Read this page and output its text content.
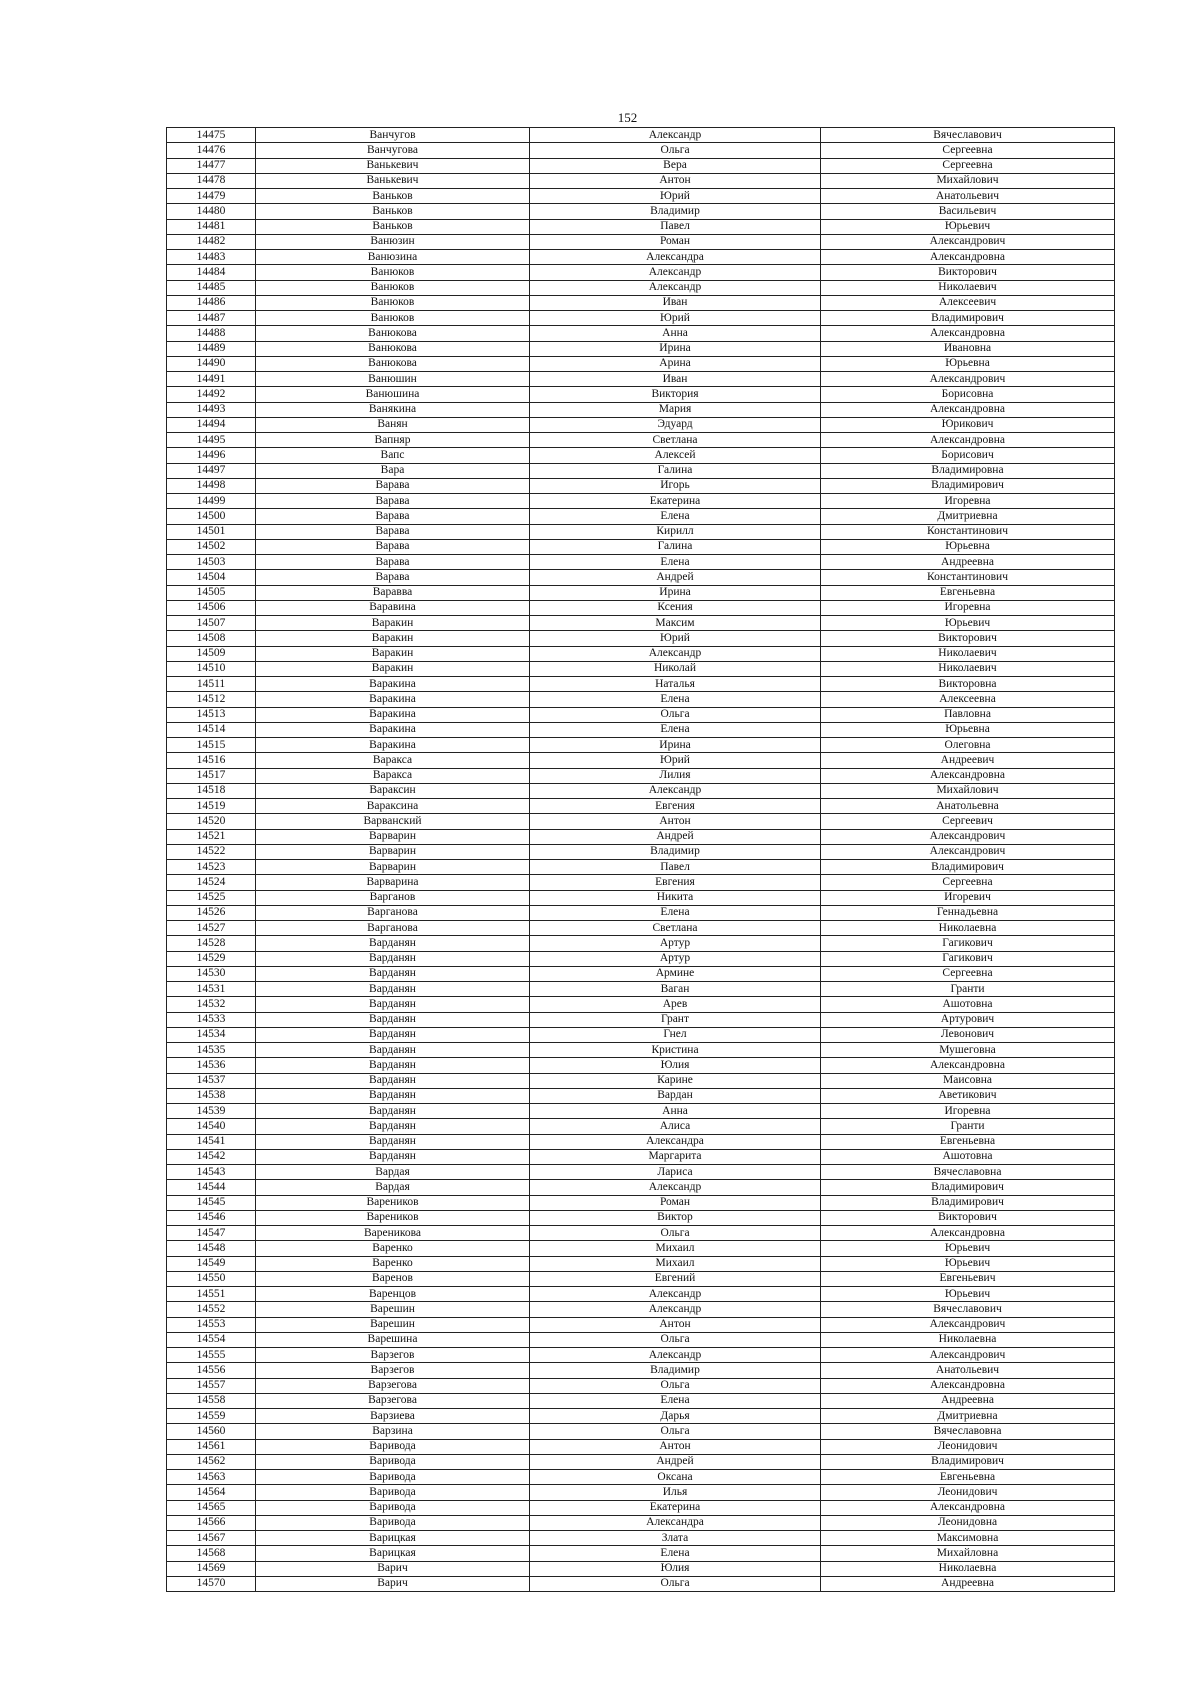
152
14475	Ванчугов	Александр	Вячеславович
14476	Ванчугова	Ольга	Сергеевна
14477	Ванькевич	Вера	Сергеевна
14478	Ванькевич	Антон	Михайлович
14479	Ваньков	Юрий	Анатольевич
14480	Ваньков	Владимир	Васильевич
14481	Ваньков	Павел	Юрьевич
14482	Ванюзин	Роман	Александрович
14483	Ванюзина	Александра	Александровна
14484	Ванюков	Александр	Викторович
14485	Ванюков	Александр	Николаевич
14486	Ванюков	Иван	Алексеевич
14487	Ванюков	Юрий	Владимирович
14488	Ванюкова	Анна	Александровна
14489	Ванюкова	Ирина	Ивановна
14490	Ванюкова	Арина	Юрьевна
14491	Ванюшин	Иван	Александрович
14492	Ванюшина	Виктория	Борисовна
14493	Ванякина	Мария	Александровна
14494	Ванян	Эдуард	Юрикович
14495	Вапняр	Светлана	Александровна
14496	Вапс	Алексей	Борисович
14497	Вара	Галина	Владимировна
14498	Варава	Игорь	Владимирович
14499	Варава	Екатерина	Игоревна
14500	Варава	Елена	Дмитриевна
14501	Варава	Кирилл	Константинович
14502	Варава	Галина	Юрьевна
14503	Варава	Елена	Андреевна
14504	Варава	Андрей	Константинович
14505	Варавва	Ирина	Евгеньевна
14506	Варавина	Ксения	Игоревна
14507	Варакин	Максим	Юрьевич
14508	Варакин	Юрий	Викторович
14509	Варакин	Александр	Николаевич
14510	Варакин	Николай	Николаевич
14511	Варакина	Наталья	Викторовна
14512	Варакина	Елена	Алексеевна
14513	Варакина	Ольга	Павловна
14514	Варакина	Елена	Юрьевна
14515	Варакина	Ирина	Олеговна
14516	Варакса	Юрий	Андреевич
14517	Варакса	Лилия	Александровна
14518	Вараксин	Александр	Михайлович
14519	Вараксина	Евгения	Анатольевна
14520	Варванский	Антон	Сергеевич
14521	Варварин	Андрей	Александрович
14522	Варварин	Владимир	Александрович
14523	Варварин	Павел	Владимирович
14524	Варварина	Евгения	Сергеевна
14525	Варганов	Никита	Игоревич
14526	Варганова	Елена	Геннадьевна
14527	Варганова	Светлана	Николаевна
14528	Варданян	Артур	Гагикович
14529	Варданян	Артур	Гагикович
14530	Варданян	Армине	Сергеевна
14531	Варданян	Ваган	Гранти
14532	Варданян	Арев	Ашотовна
14533	Варданян	Грант	Артурович
14534	Варданян	Гнел	Левонович
14535	Варданян	Кристина	Мушеговна
14536	Варданян	Юлия	Александровна
14537	Варданян	Карине	Маисовна
14538	Варданян	Вардан	Аветикович
14539	Варданян	Анна	Игоревна
14540	Варданян	Алиса	Гранти
14541	Варданян	Александра	Евгеньевна
14542	Варданян	Маргарита	Ашотовна
14543	Вардая	Лариса	Вячеславовна
14544	Вардая	Александр	Владимирович
14545	Вареников	Роман	Владимирович
14546	Вареников	Виктор	Викторович
14547	Вареникова	Ольга	Александровна
14548	Варенко	Михаил	Юрьевич
14549	Варенко	Михаил	Юрьевич
14550	Варенов	Евгений	Евгеньевич
14551	Варенцов	Александр	Юрьевич
14552	Варешин	Александр	Вячеславович
14553	Варешин	Антон	Александрович
14554	Варешина	Ольга	Николаевна
14555	Варзегов	Александр	Александрович
14556	Варзегов	Владимир	Анатольевич
14557	Варзегова	Ольга	Александровна
14558	Варзегова	Елена	Андреевна
14559	Варзиева	Дарья	Дмитриевна
14560	Варзина	Ольга	Вячеславовна
14561	Варивода	Антон	Леонидович
14562	Варивода	Андрей	Владимирович
14563	Варивода	Оксана	Евгеньевна
14564	Варивода	Илья	Леонидович
14565	Варивода	Екатерина	Александровна
14566	Варивода	Александра	Леонидовна
14567	Варицкая	Злата	Максимовна
14568	Варицкая	Елена	Михайловна
14569	Варич	Юлия	Николаевна
14570	Варич	Ольга	Андреевна
